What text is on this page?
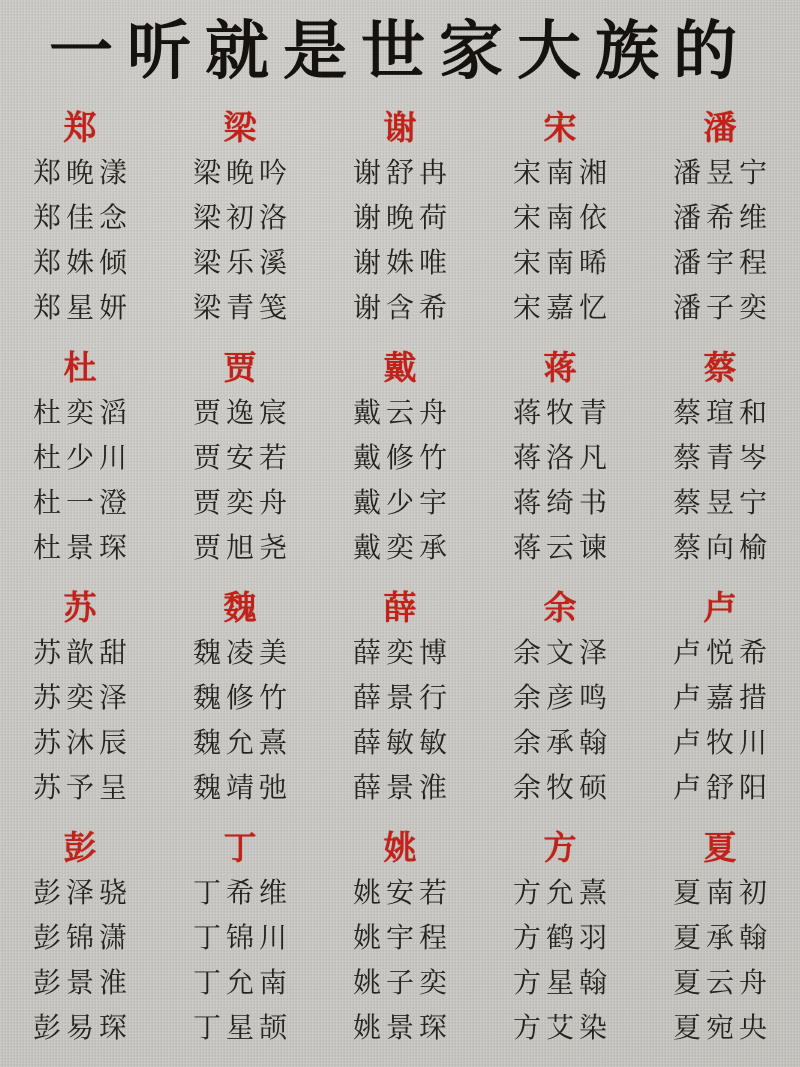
一听就是世家大族的
郑
郑晚漾
郑佳念
郑姝倾
郑星妍
梁
梁晚吟
梁初洛
梁乐溪
梁青笺
谢
谢舒冉
谢晚荷
谢姝唯
谢含希
宋
宋南湘
宋南依
宋南晞
宋嘉忆
潘
潘昱宁
潘希维
潘宇程
潘子奕
杜
杜奕滔
杜少川
杜一澄
杜景琛
贾
贾逸宸
贾安若
贾奕舟
贾旭尧
戴
戴云舟
戴修竹
戴少宇
戴奕承
蒋
蒋牧青
蒋洛凡
蒋绮书
蒋云谏
蔡
蔡瑄和
蔡青岑
蔡昱宁
蔡向榆
苏
苏歆甜
苏奕泽
苏沐辰
苏予呈
魏
魏凌美
魏修竹
魏允熹
魏靖弛
薛
薛奕博
薛景行
薛敏敏
薛景淮
余
余文泽
余彦鸣
余承翰
余牧硕
卢
卢悦希
卢嘉措
卢牧川
卢舒阳
彭
彭泽骁
彭锦潇
彭景淮
彭易琛
丁
丁希维
丁锦川
丁允南
丁星颉
姚
姚安若
姚宇程
姚子奕
姚景琛
方
方允熹
方鹤羽
方星翰
方艾染
夏
夏南初
夏承翰
夏云舟
夏宛央
